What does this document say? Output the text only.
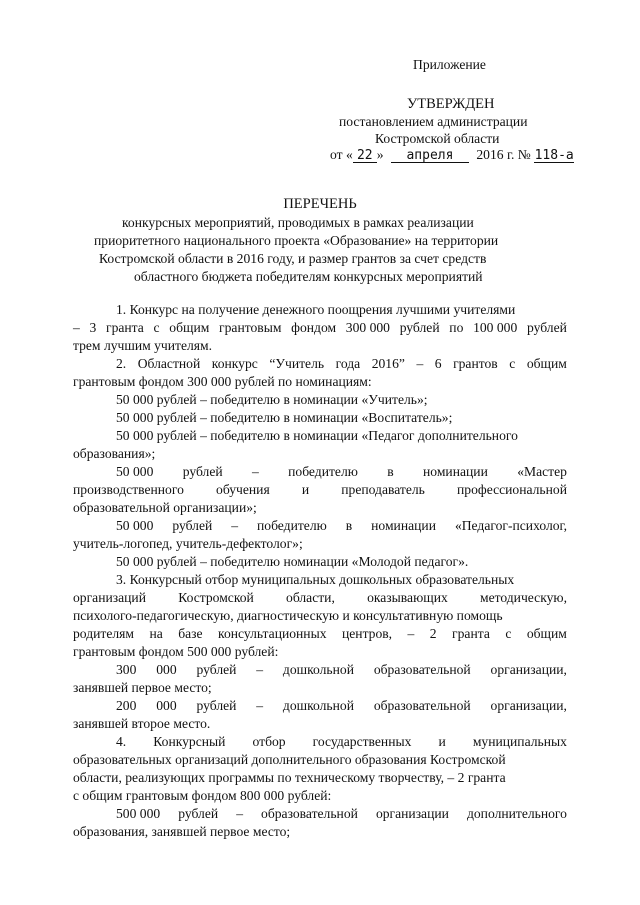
Приложение
УТВЕРЖДЕН
постановлением администрации
Костромской области
от « 22 » апреля 2016 г. № 118-а
ПЕРЕЧЕНЬ
конкурсных мероприятий, проводимых в рамках реализации
приоритетного национального проекта «Образование» на территории
Костромской области в 2016 году, и размер грантов за счет средств
областного бюджета победителям конкурсных мероприятий
1. Конкурс на получение денежного поощрения лучшими учителями
– 3 гранта с общим грантовым фондом 300 000 рублей по 100 000 рублей
трем лучшим учителям.
2. Областной конкурс “Учитель года 2016” – 6 грантов с общим
грантовым фондом 300 000 рублей по номинациям:
50 000 рублей – победителю в номинации «Учитель»;
50 000 рублей – победителю в номинации «Воспитатель»;
50 000 рублей – победителю в номинации «Педагог дополнительного
образования»;
50 000 рублей – победителю в номинации «Мастер
производственного обучения и преподаватель профессиональной
образовательной организации»;
50 000 рублей – победителю в номинации «Педагог-психолог,
учитель-логопед, учитель-дефектолог»;
50 000 рублей – победителю номинации «Молодой педагог».
3. Конкурсный отбор муниципальных дошкольных образовательных
организаций Костромской области, оказывающих методическую,
психолого-педагогическую, диагностическую и консультативную помощь
родителям на базе консультационных центров, – 2 гранта с общим
грантовым фондом 500 000 рублей:
300 000 рублей – дошкольной образовательной организации,
занявшей первое место;
200 000 рублей – дошкольной образовательной организации,
занявшей второе место.
4. Конкурсный отбор государственных и муниципальных
образовательных организаций дополнительного образования Костромской
области, реализующих программы по техническому творчеству, – 2 гранта
с общим грантовым фондом 800 000 рублей:
500 000 рублей – образовательной организации дополнительного
образования, занявшей первое место;
